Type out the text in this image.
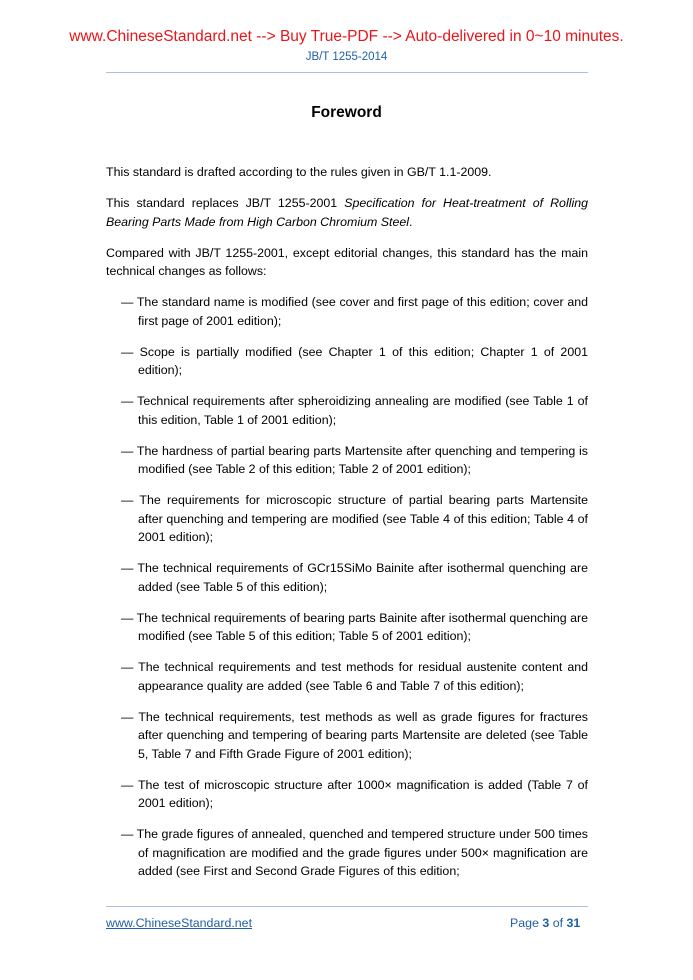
www.ChineseStandard.net --> Buy True-PDF --> Auto-delivered in 0~10 minutes.
JB/T 1255-2014
Foreword

This standard is drafted according to the rules given in GB/T 1.1-2009.

This standard replaces JB/T 1255-2001 Specification for Heat-treatment of Rolling Bearing Parts Made from High Carbon Chromium Steel.

Compared with JB/T 1255-2001, except editorial changes, this standard has the main technical changes as follows:

— The standard name is modified (see cover and first page of this edition; cover and first page of 2001 edition);
— Scope is partially modified (see Chapter 1 of this edition; Chapter 1 of 2001 edition);
— Technical requirements after spheroidizing annealing are modified (see Table 1 of this edition, Table 1 of 2001 edition);
— The hardness of partial bearing parts Martensite after quenching and tempering is modified (see Table 2 of this edition; Table 2 of 2001 edition);
— The requirements for microscopic structure of partial bearing parts Martensite after quenching and tempering are modified (see Table 4 of this edition; Table 4 of 2001 edition);
— The technical requirements of GCr15SiMo Bainite after isothermal quenching are added (see Table 5 of this edition);
— The technical requirements of bearing parts Bainite after isothermal quenching are modified (see Table 5 of this edition; Table 5 of 2001 edition);
— The technical requirements and test methods for residual austenite content and appearance quality are added (see Table 6 and Table 7 of this edition);
— The technical requirements, test methods as well as grade figures for fractures after quenching and tempering of bearing parts Martensite are deleted (see Table 5, Table 7 and Fifth Grade Figure of 2001 edition);
— The test of microscopic structure after 1000× magnification is added (Table 7 of 2001 edition);
— The grade figures of annealed, quenched and tempered structure under 500 times of magnification are modified and the grade figures under 500× magnification are added (see First and Second Grade Figures of this edition;
www.ChineseStandard.net	Page 3 of 31
